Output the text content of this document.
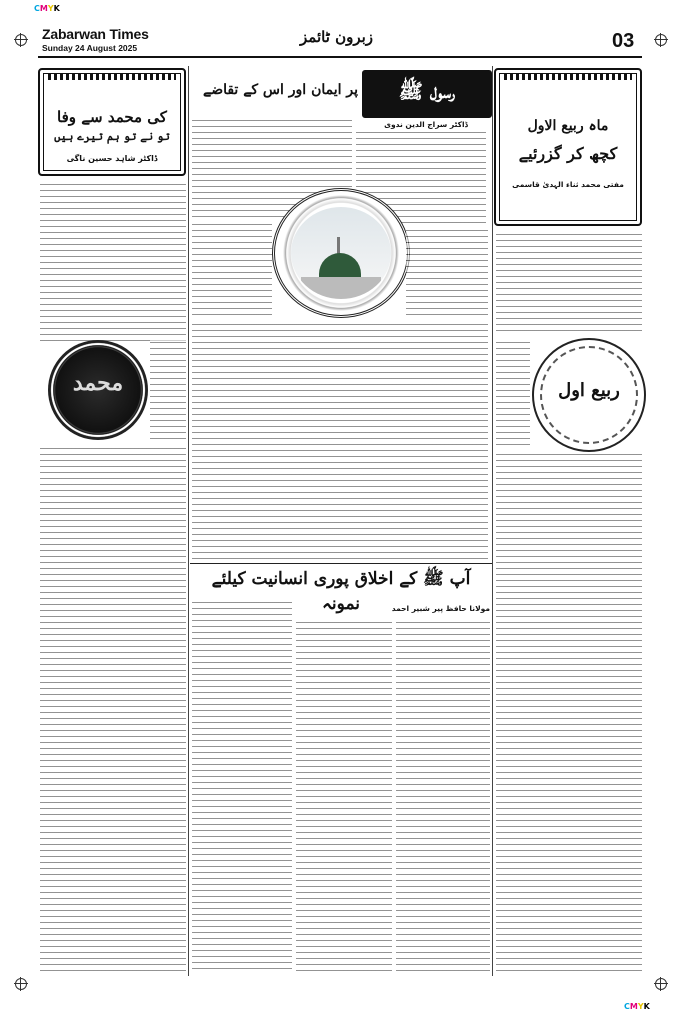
CMYK
Zabarwan Times
Sunday 24 August 2025
زبرون ٹائمز	03
کی محمد سے وفا
تو نے تو ہم تیرے ہیں
ڈاکٹر شاہد حسین ناگی
محمد
رسول ﷺ
پر ایمان اور اس کے تقاضے
ڈاکٹر سراج الدین ندوی	ماہ ربیع الاول
کچھ کر گزرئیے
مفتی محمد ثناء الہدیٰ قاسمی
ربیع اول
آپ ﷺ کے اخلاق پوری انسانیت کیلئے نمونہ	مولانا حافظ پیر شبیر احمد
CMYK
